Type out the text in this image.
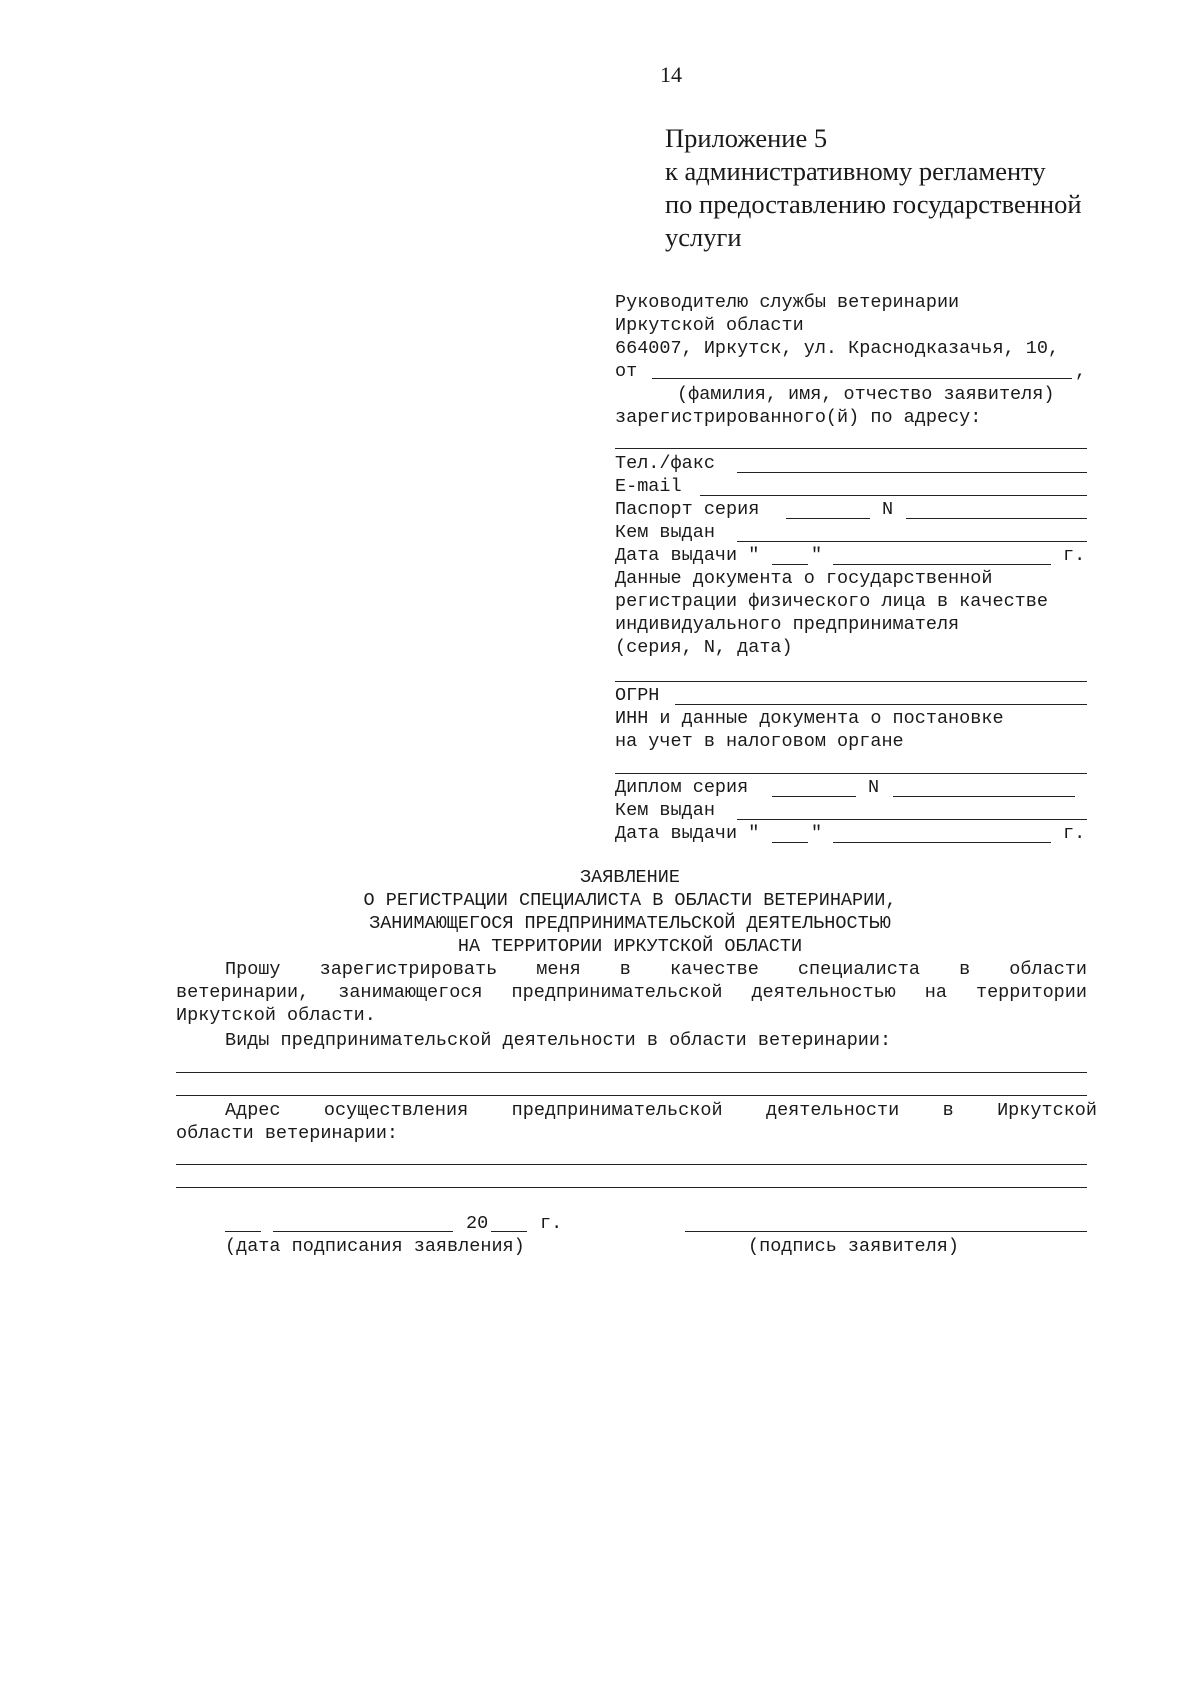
14
Приложение 5
к административному регламенту
по предоставлению государственной
услуги
Руководителю службы ветеринарии
Иркутской области
664007, Иркутск, ул. Краснодказачья, 10,
от	,
(фамилия, имя, отчество заявителя)
зарегистрированного(й) по адресу:
Тел./факс
E-mail
Паспорт серия	N
Кем выдан
Дата выдачи "	"	г.
Данные документа о государственной
регистрации физического лица в качестве
индивидуального предпринимателя
(серия, N, дата)
ОГРН
ИНН и данные документа о постановке
на учет в налоговом органе
Диплом серия	N
Кем выдан
Дата выдачи "	"	г.
ЗАЯВЛЕНИЕ
О РЕГИСТРАЦИИ СПЕЦИАЛИСТА В ОБЛАСТИ ВЕТЕРИНАРИИ,
ЗАНИМАЮЩЕГОСЯ ПРЕДПРИНИМАТЕЛЬСКОЙ ДЕЯТЕЛЬНОСТЬЮ
НА ТЕРРИТОРИИ ИРКУТСКОЙ ОБЛАСТИ
Прошу зарегистрировать меня в качестве специалиста в области
ветеринарии, занимающегося предпринимательской деятельностью на территории
Иркутской области.
Виды предпринимательской деятельности в области ветеринарии:
Адрес осуществления предпринимательской деятельности в Иркутской
области ветеринарии:
20	г.
(дата подписания заявления)	(подпись заявителя)
